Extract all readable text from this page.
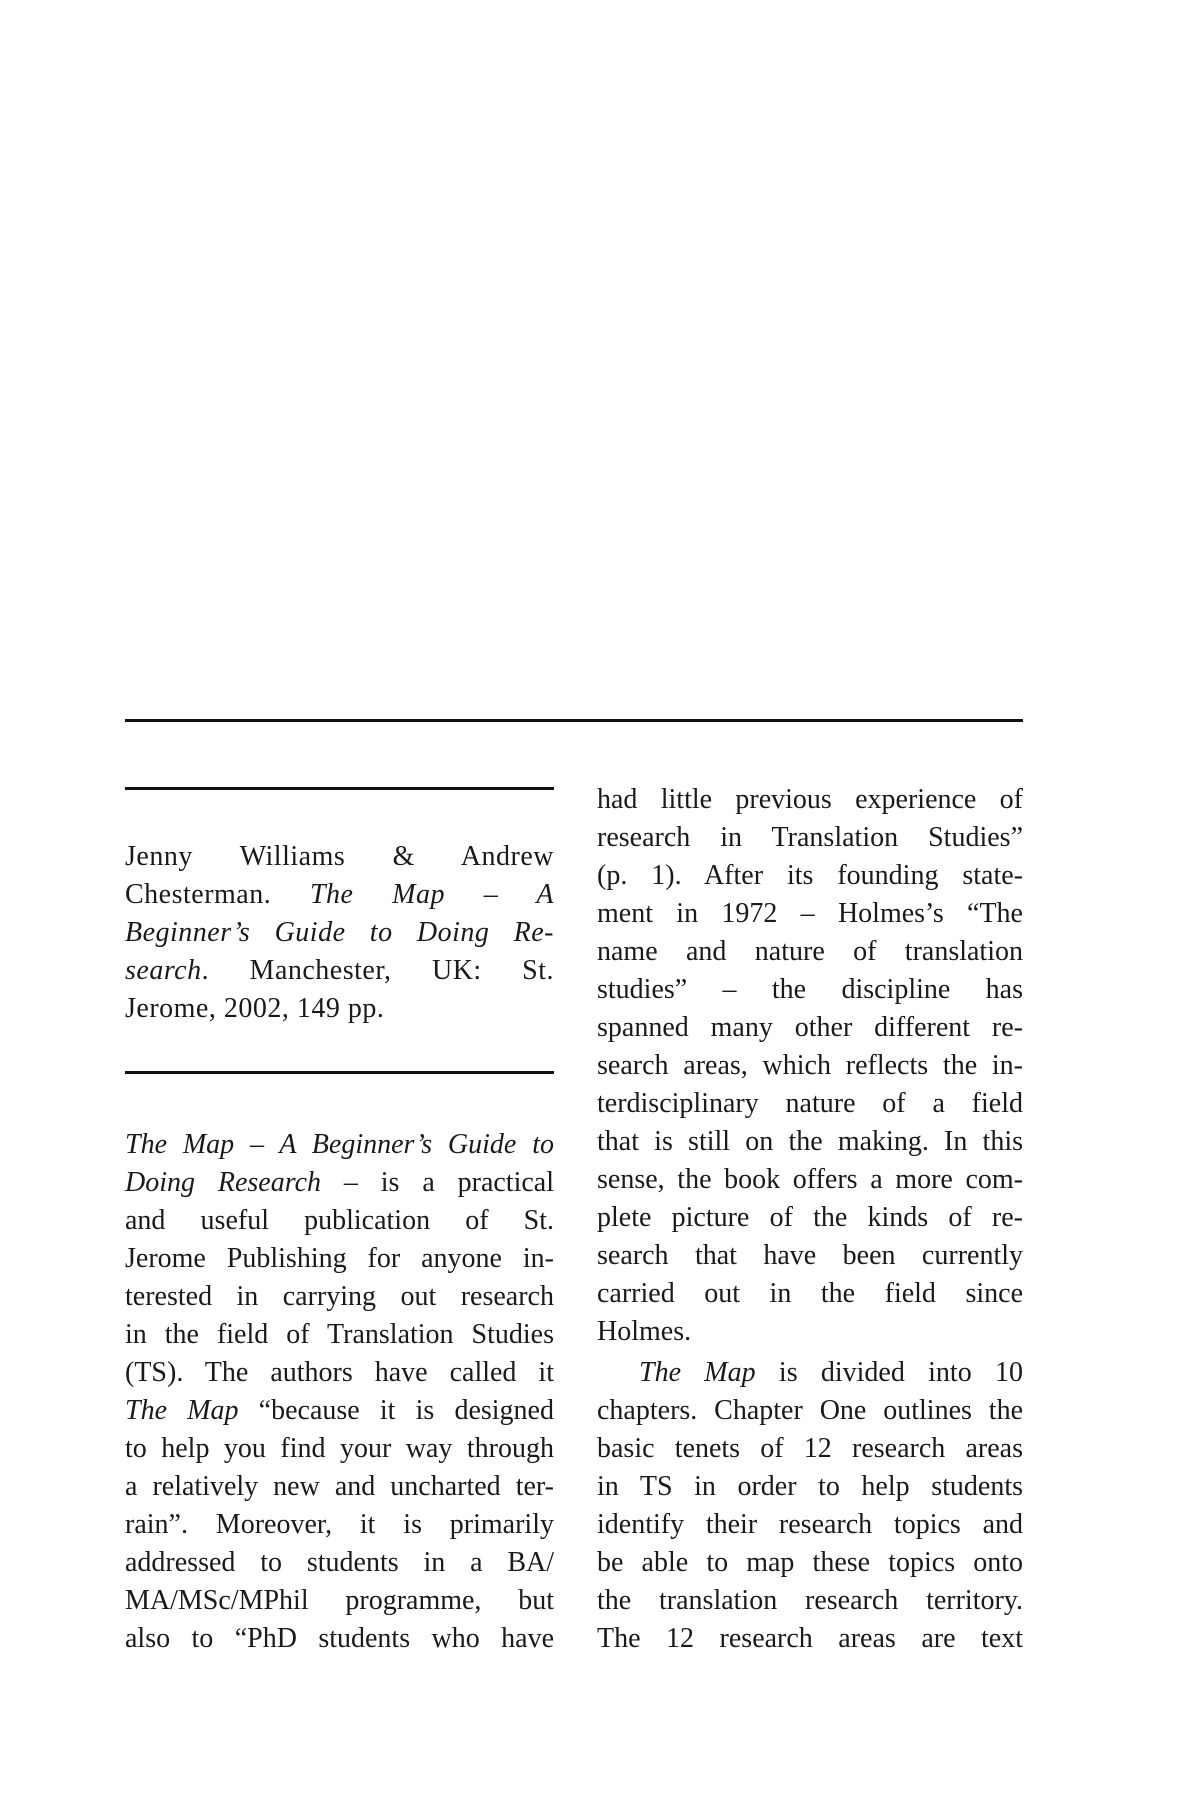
Jenny Williams & Andrew
Chesterman. The Map – A
Beginner’s Guide to Doing Re-
search. Manchester, UK: St.
Jerome, 2002, 149 pp.
The Map – A Beginner’s Guide to
Doing Research – is a practical
and useful publication of St.
Jerome Publishing for anyone in-
terested in carrying out research
in the field of Translation Studies
(TS). The authors have called it
The Map “because it is designed
to help you find your way through
a relatively new and uncharted ter-
rain”. Moreover, it is primarily
addressed to students in a BA/
MA/MSc/MPhil programme, but
also to “PhD students who have
had little previous experience of
research in Translation Studies”
(p. 1). After its founding state-
ment in 1972 – Holmes’s “The
name and nature of translation
studies” – the discipline has
spanned many other different re-
search areas, which reflects the in-
terdisciplinary nature of a field
that is still on the making. In this
sense, the book offers a more com-
plete picture of the kinds of re-
search that have been currently
carried out in the field since
Holmes.
The Map is divided into 10
chapters. Chapter One outlines the
basic tenets of 12 research areas
in TS in order to help students
identify their research topics and
be able to map these topics onto
the translation research territory.
The 12 research areas are text
